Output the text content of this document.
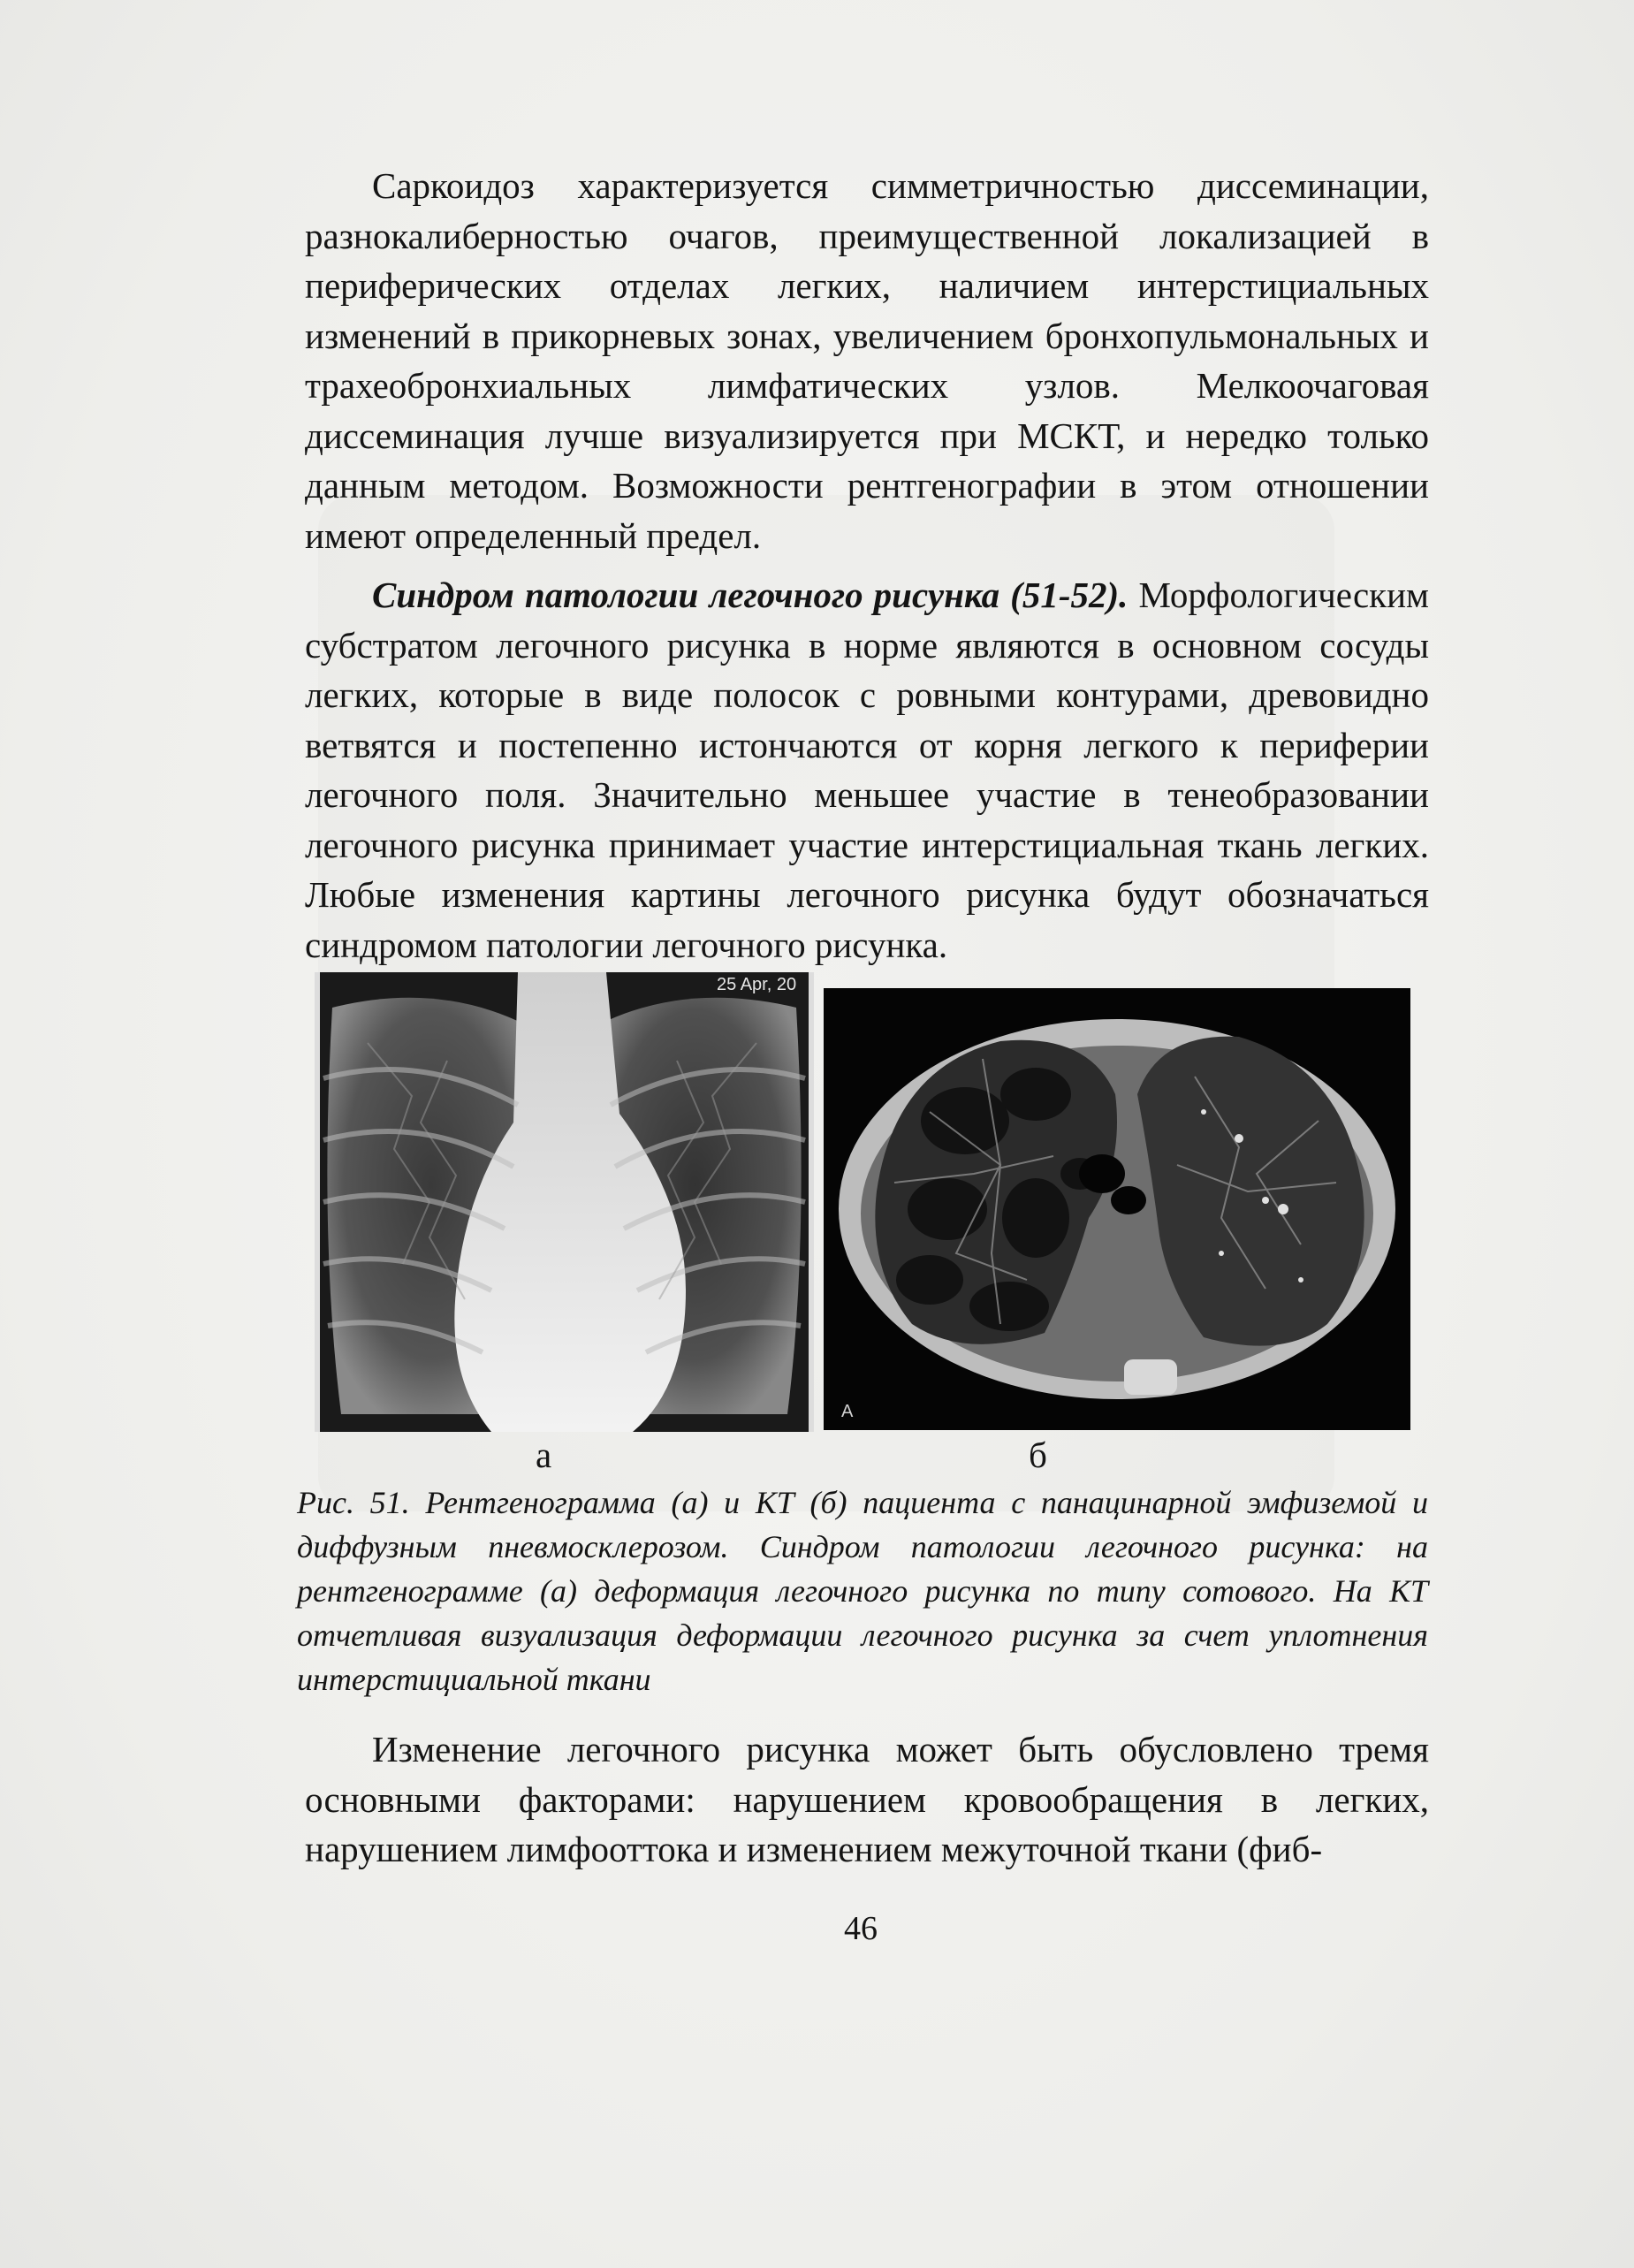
Саркоидоз характеризуется симметричностью диссеминации, разнокалиберностью очагов, преимущественной локализацией в периферических отделах легких, наличием интерстициальных изменений в прикорневых зонах, увеличением бронхопульмональных и трахеобронхиальных лимфатических узлов. Мелкоочаговая диссеминация лучше визуализируется при МСКТ, и нередко только данным методом. Возможности рентгенографии в этом отношении имеют определенный предел.

Синдром патологии легочного рисунка (51-52). Морфологическим субстратом легочного рисунка в норме являются в основном сосуды легких, которые в виде полосок с ровными контурами, древовидно ветвятся и постепенно истончаются от корня легкого к периферии легочного поля. Значительно меньшее участие в тенеобразовании легочного рисунка принимает участие интерстициальная ткань легких. Любые изменения картины легочного рисунка будут обозначаться синдромом патологии легочного рисунка.

25 Apr, 20
A
а	б

Рис. 51. Рентгенограмма (а) и КТ (б) пациента с панацинарной эмфиземой и диффузным пневмосклерозом. Синдром патологии легочного рисунка: на рентгенограмме (а) деформация легочного рисунка по типу сотового. На КТ отчетливая визуализация деформации легочного рисунка за счет уплотнения интерстициальной ткани

Изменение легочного рисунка может быть обусловлено тремя основными факторами: нарушением кровообращения в легких, нарушением лимфооттока и изменением межуточной ткани (фиб-

46
